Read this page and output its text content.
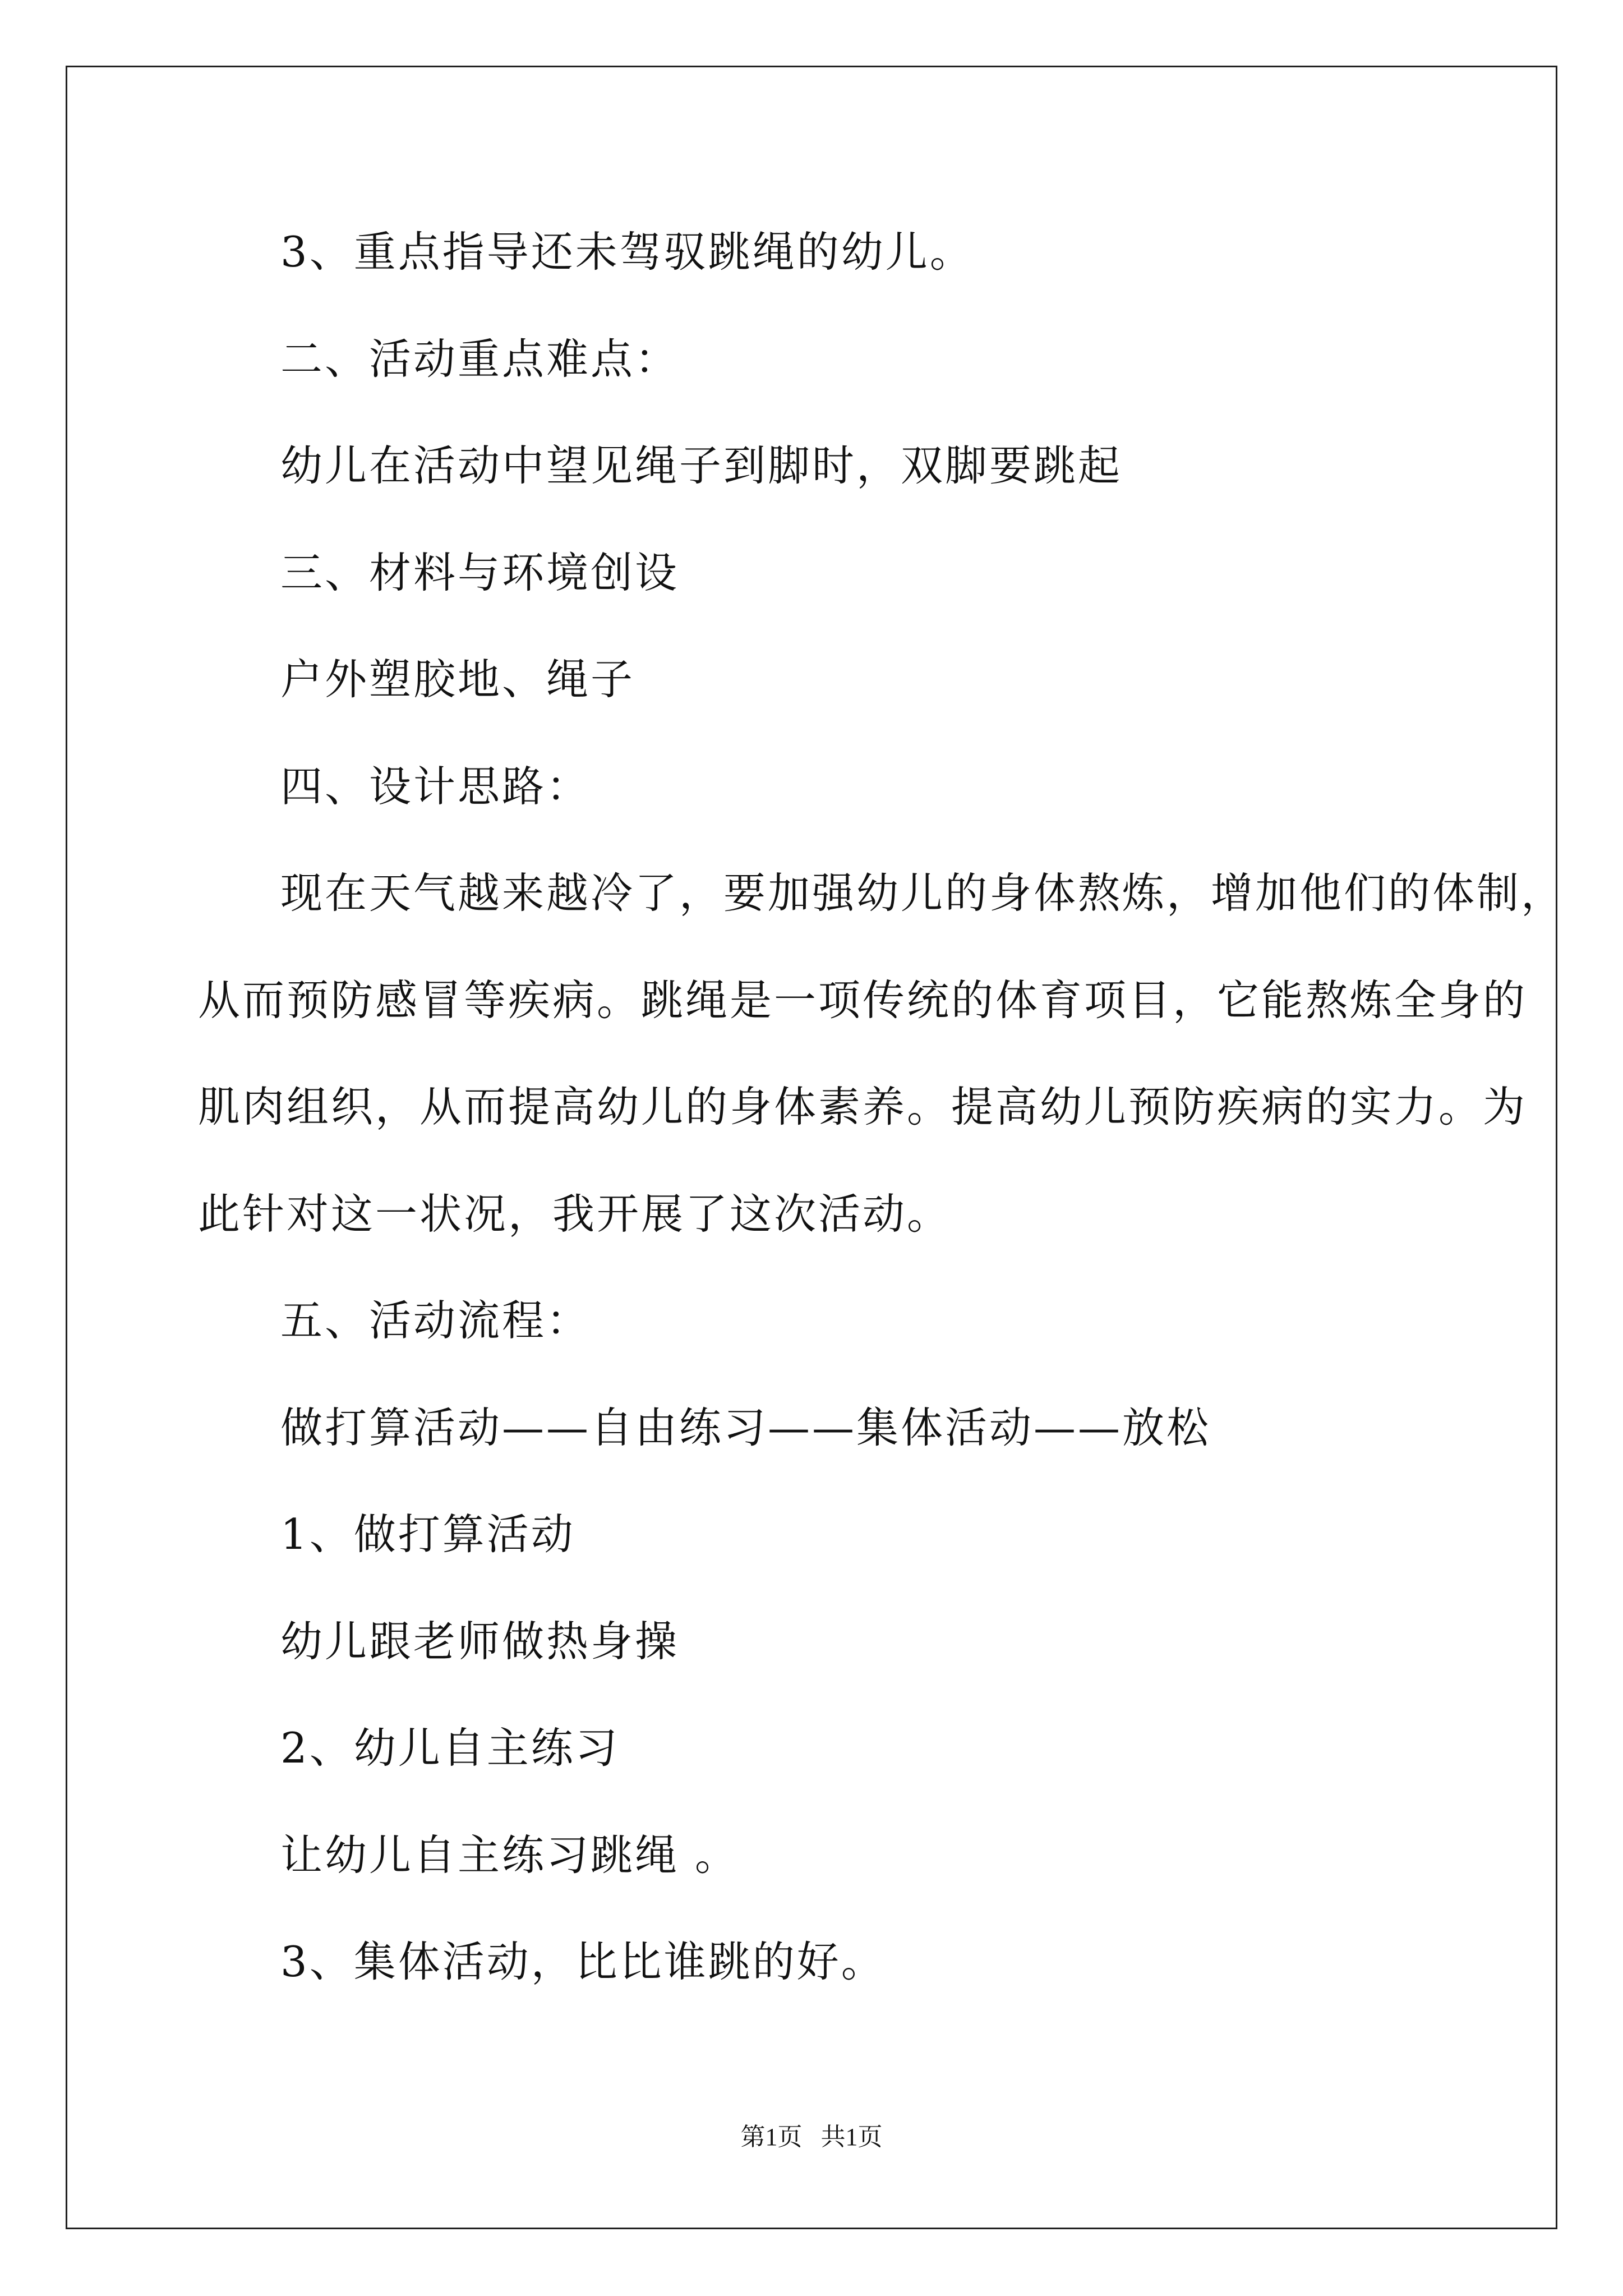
3、重点指导还未驾驭跳绳的幼儿。
二、活动重点难点：
幼儿在活动中望见绳子到脚时，双脚要跳起
三、材料与环境创设
户外塑胶地、绳子
四、设计思路：
现在天气越来越冷了，要加强幼儿的身体熬炼，增加他们的体制，
从而预防感冒等疾病。跳绳是一项传统的体育项目，它能熬炼全身的
肌肉组织，从而提高幼儿的身体素养。提高幼儿预防疾病的实力。为
此针对这一状况，我开展了这次活动。
五、活动流程：
做打算活动——自由练习——集体活动——放松
1、做打算活动
幼儿跟老师做热身操
2、幼儿自主练习
让幼儿自主练习跳绳 。
3、集体活动，比比谁跳的好。
第1页   共1页
